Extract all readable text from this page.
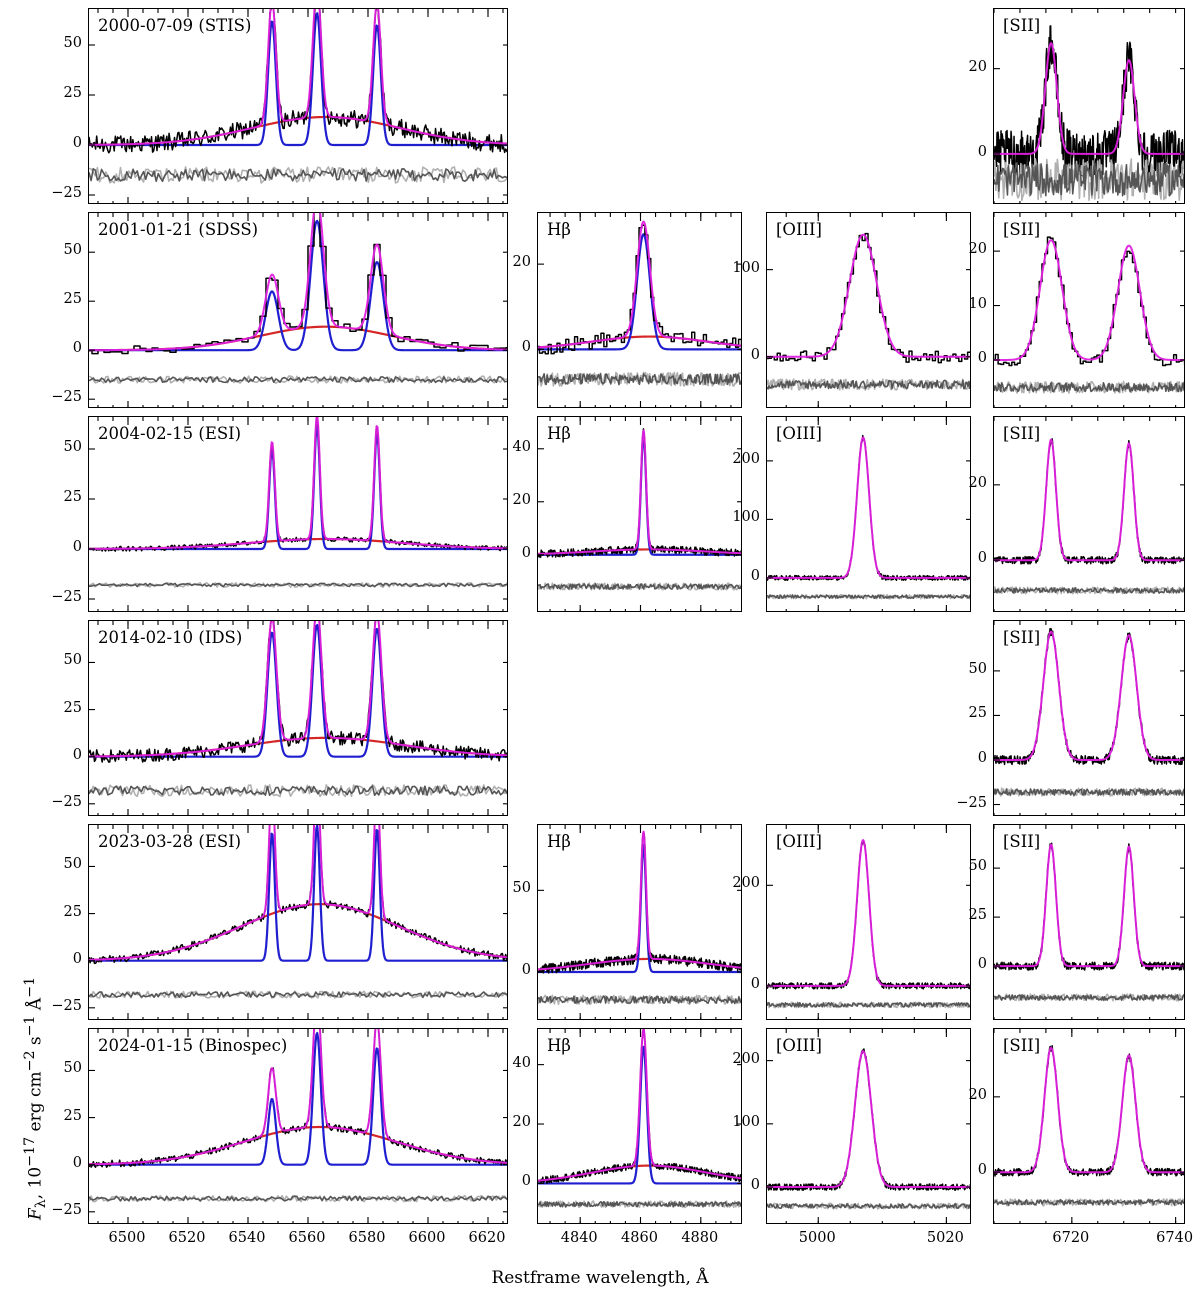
2000-07-09 (STIS)
−25
0
25
50
[SII]
0
20
2001-01-21 (SDSS)
−25
0
25
50
Hβ
0
20
[OIII]
0
100
[SII]
0
10
20
2004-02-15 (ESI)
−25
0
25
50
Hβ
0
20
40
[OIII]
0
100
200
[SII]
0
20
2014-02-10 (IDS)
−25
0
25
50
[SII]
−25
0
25
50
2023-03-28 (ESI)
−25
0
25
50
Hβ
0
50
[OIII]
0
200
[SII]
0
25
50
2024-01-15 (Binospec)
−25
0
25
50
6500	6520	6540	6560	6580	6600	6620
Hβ
0
20
40
4840	4860	4880
[OIII]
0
100
200
5000	5020
[SII]
0
20
6720	6740
Restframe wavelength, Å
$F_\lambda$, $10^{-17}$ erg $cm^{-2}$ $s^{-1}$ $Å^{-1}$
